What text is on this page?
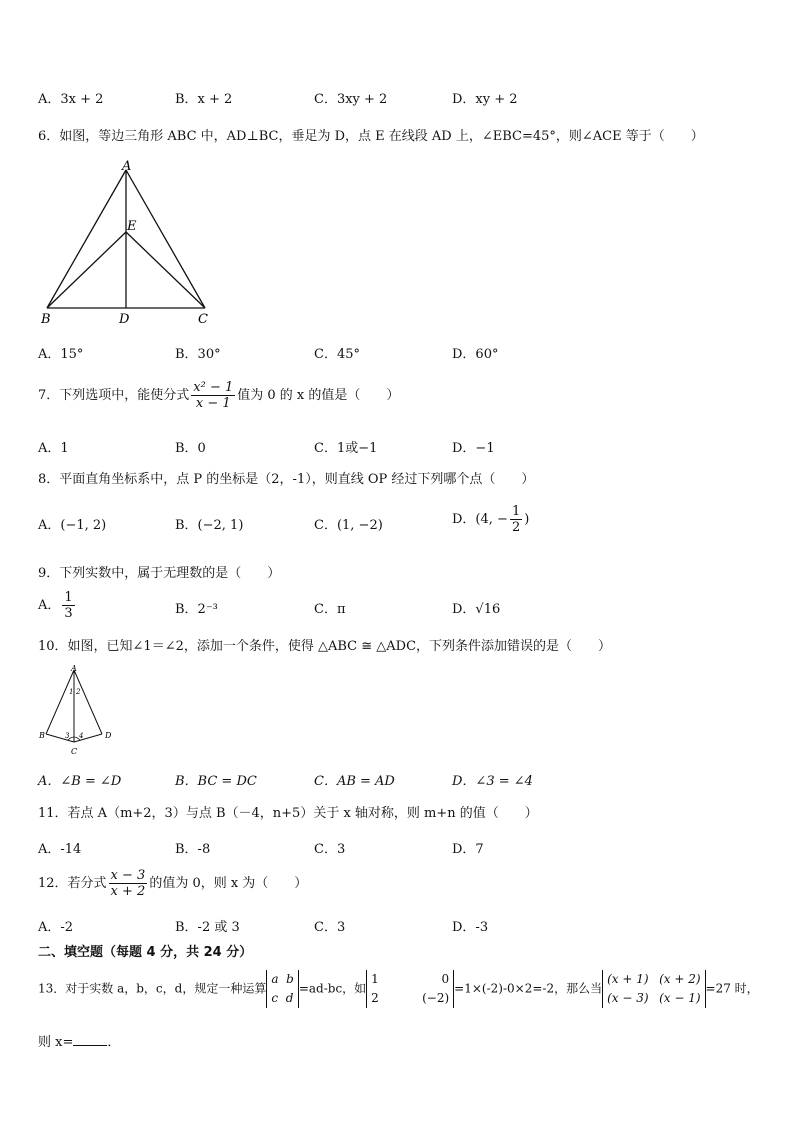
A．3x + 2	B．x + 2	C．3xy + 2	D．xy + 2
6．如图，等边三角形 ABC 中，AD⊥BC，垂足为 D，点 E 在线段 AD 上，∠EBC=45°，则∠ACE 等于（　　）
A
E
B	D	C
A．15°	B．30°	C．45°	D．60°
7．下列选项中，能使分式 $\frac{\text{x² − 1}}{x - 1}$ 值为 0 的 x 的值是（　　）
A．1	B．0	C．1或−1	D．−1
8．平面直角坐标系中，点 P 的坐标是（2，-1），则直线 OP 经过下列哪个点（　　）
A．(−1, 2)	B．(−2, 1)	C．(1, −2)	D．(4, − $\frac{1}{2}$ )
9．下列实数中，属于无理数的是（　　）
A． $\frac{1}{3}$	B．2⁻³	C．π	D．√16
10．如图，已知∠1＝∠2，添加一个条件，使得 △ABC ≅ △ADC，下列条件添加错误的是（　　）
A
1 2
B	3 4	D
C
A．∠B = ∠D	B．BC = DC	C．AB = AD	D．∠3 = ∠4
11．若点 A（m+2，3）与点 B（－4，n+5）关于 x 轴对称，则 m+n 的值（　　）
A．-14	B．-8	C．3	D．7
12．若分式 $\frac{x - 3}{x + 2}$ 的值为 0，则 x 为（　　）
A．-2	B．-2 或 3	C．3	D．-3
二、填空题（每题 4 分，共 24 分）
13．对于实数 a，b，c，d，规定一种运算a b
c d=ad-bc，如1	0
2	(−2)=1×(-2)-0×2=-2，那么当(x + 1) (x + 2)
(x − 3) (x − 1)=27 时，
则 x=	．
